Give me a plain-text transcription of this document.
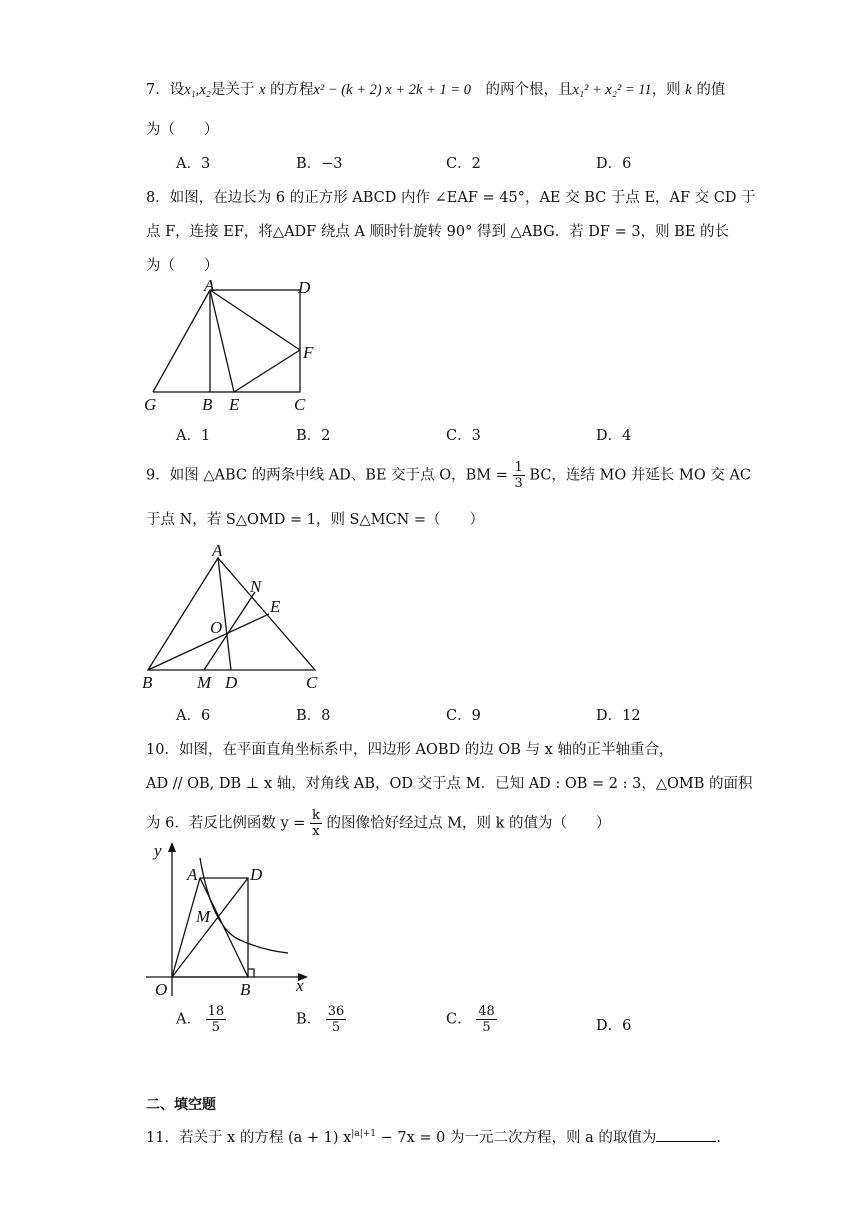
7．设x₁,x₂是关于 x 的方程x² − (k + 2) x + 2k + 1 = 0　 的两个根，且x₁² + x₂² = 11，则 k 的值
为（　　）
A．3	B．−3	C．2	D．6
8．如图，在边长为 6 的正方形 ABCD 内作 ∠EAF = 45°，AE 交 BC 于点 E，AF 交 CD 于
点 F，连接 EF，将△ADF 绕点 A 顺时针旋转 90° 得到 △ABG．若 DF = 3，则 BE 的长
为（　　）
A	D
F
G	B E	C
A．1	B．2	C．3	D．4
9．如图 △ABC 的两条中线 AD、BE 交于点 O，BM = $\frac{1}{3}$ BC，连结 MO 并延长 MO 交 AC
于点 N，若 S△OMD = 1，则 S△MCN =（　　）
A
N
E
O
B	M D	C
A．6	B．8	C．9	D．12
10．如图，在平面直角坐标系中，四边形 AOBD 的边 OB 与 x 轴的正半轴重合，
AD // OB, DB ⊥ x 轴，对角线 AB，OD 交于点 M．已知 AD : OB = 2 : 3，△OMB 的面积
为 6．若反比例函数 $y = \frac{k}{x}$ 的图像恰好经过点 M，则 k 的值为（　　）
y
A	D
M
O	B	x
A． $\frac{18}{5}$	B． $\frac{36}{5}$	C． $\frac{48}{5}$	D．6
二、填空题
11．若关于 x 的方程 (a + 1) $x^{|a|+1} - 7x = 0$ 为一元二次方程，则 a 的取值为	.
